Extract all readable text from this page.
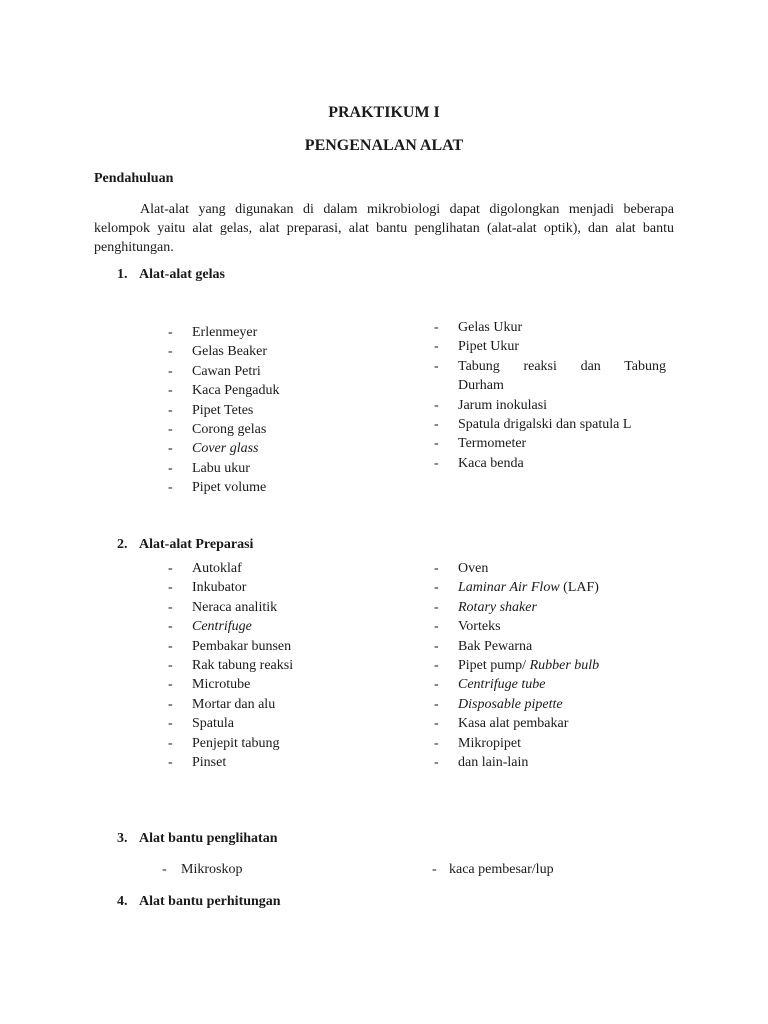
PRAKTIKUM I
PENGENALAN ALAT
Pendahuluan
Alat-alat yang digunakan di dalam mikrobiologi dapat digolongkan menjadi beberapa kelompok yaitu alat gelas, alat preparasi, alat bantu penglihatan (alat-alat optik), dan alat bantu penghitungan.
1. Alat-alat gelas
- Erlenmeyer
- Gelas Beaker
- Cawan Petri
- Kaca Pengaduk
- Pipet Tetes
- Corong gelas
- Cover glass
- Labu ukur
- Pipet volume
- Gelas Ukur
- Pipet Ukur
- Tabung reaksi dan Tabung
Durham
- Jarum inokulasi
- Spatula drigalski dan spatula L
- Termometer
- Kaca benda
2. Alat-alat Preparasi
- Autoklaf
- Inkubator
- Neraca analitik
- Centrifuge
- Pembakar bunsen
- Rak tabung reaksi
- Microtube
- Mortar dan alu
- Spatula
- Penjepit tabung
- Pinset
- Oven
- Laminar Air Flow (LAF)
- Rotary shaker
- Vorteks
- Bak Pewarna
- Pipet pump/ Rubber bulb
- Centrifuge tube
- Disposable pipette
- Kasa alat pembakar
- Mikropipet
- dan lain-lain
3. Alat bantu penglihatan
- Mikroskop	- kaca pembesar/lup
4. Alat bantu perhitungan
